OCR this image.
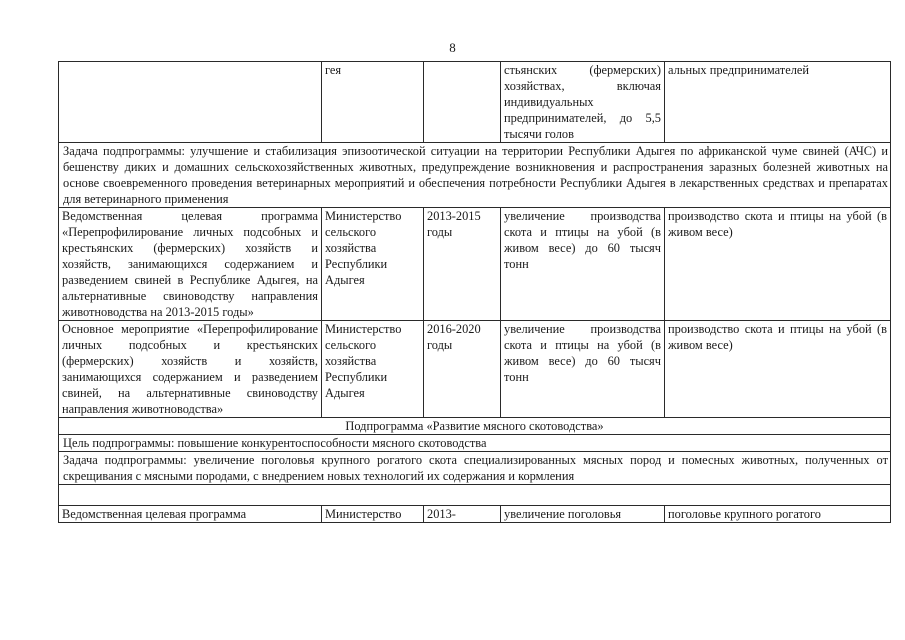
8
	гея		стьянских (фермерских) хозяйствах, включая индивидуальных предпринимателей, до 5,5 тысячи голов	альных предпринимателей
Задача подпрограммы: улучшение и стабилизация эпизоотической ситуации на территории Республики Адыгея по африканской чуме свиней (АЧС) и бешенству диких и домашних сельскохозяйственных животных, предупреждение возникновения и распространения заразных болезней животных на основе своевременного проведения ветеринарных мероприятий и обеспечения потребности Республики Адыгея в лекарственных средствах и препаратах для ветеринарного применения				
Ведомственная целевая программа «Перепрофилирование личных подсобных и крестьянских (фермерских) хозяйств и хозяйств, занимающихся содержанием и разведением свиней в Республике Адыгея, на альтернативные свиноводству направления животноводства на 2013-2015 годы»	Министерство сельского хозяйства Республики Адыгея	2013-2015 годы	увеличение производства скота и птицы на убой (в живом весе) до 60 тысяч тонн	производство скота и птицы на убой (в живом весе)
Основное мероприятие «Перепрофилирование личных подсобных и крестьянских (фермерских) хозяйств и хозяйств, занимающихся содержанием и разведением свиней, на альтернативные свиноводству направления животноводства»	Министерство сельского хозяйства Республики Адыгея	2016-2020 годы	увеличение производства скота и птицы на убой (в живом весе) до 60 тысяч тонн	производство скота и птицы на убой (в живом весе)
Подпрограмма «Развитие мясного скотоводства»				
Цель подпрограммы: повышение конкурентоспособности мясного скотоводства				
Задача подпрограммы: увеличение поголовья крупного рогатого скота специализированных мясных пород и помесных животных, полученных от скрещивания с мясными породами, с внедрением новых технологий их содержания и кормления				

Ведомственная целевая программа	Министерство	2013-	увеличение поголовья	поголовье крупного рогатого
